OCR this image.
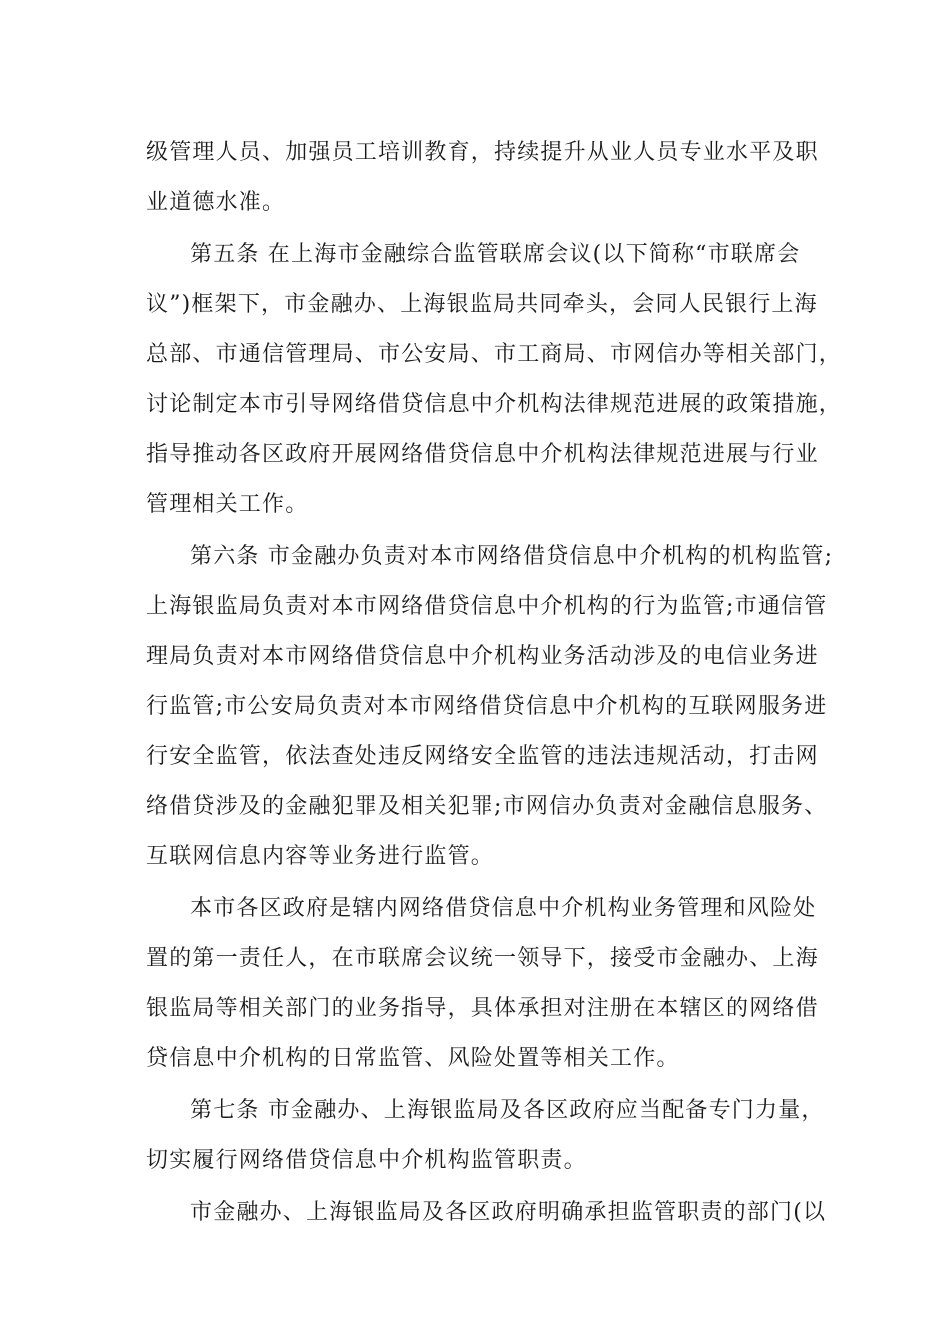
级管理人员、加强员工培训教育，持续提升从业人员专业水平及职
业道德水准。
第五条 在上海市金融综合监管联席会议(以下简称“市联席会
议”)框架下，市金融办、上海银监局共同牵头，会同人民银行上海
总部、市通信管理局、市公安局、市工商局、市网信办等相关部门，
讨论制定本市引导网络借贷信息中介机构法律规范进展的政策措施，
指导推动各区政府开展网络借贷信息中介机构法律规范进展与行业
管理相关工作。
第六条 市金融办负责对本市网络借贷信息中介机构的机构监管;
上海银监局负责对本市网络借贷信息中介机构的行为监管;市通信管
理局负责对本市网络借贷信息中介机构业务活动涉及的电信业务进
行监管;市公安局负责对本市网络借贷信息中介机构的互联网服务进
行安全监管，依法查处违反网络安全监管的违法违规活动，打击网
络借贷涉及的金融犯罪及相关犯罪;市网信办负责对金融信息服务、
互联网信息内容等业务进行监管。
本市各区政府是辖内网络借贷信息中介机构业务管理和风险处
置的第一责任人，在市联席会议统一领导下，接受市金融办、上海
银监局等相关部门的业务指导，具体承担对注册在本辖区的网络借
贷信息中介机构的日常监管、风险处置等相关工作。
第七条 市金融办、上海银监局及各区政府应当配备专门力量，
切实履行网络借贷信息中介机构监管职责。
市金融办、上海银监局及各区政府明确承担监管职责的部门(以
